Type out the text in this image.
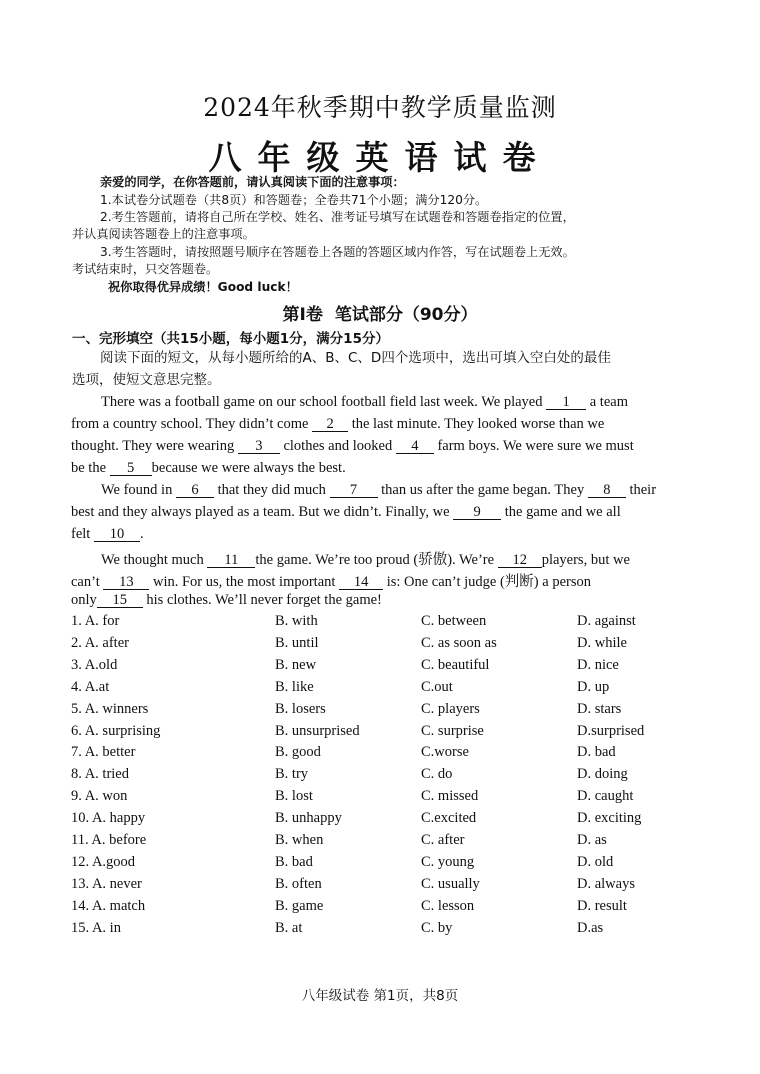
2024年秋季期中教学质量监测
八年级英语试卷
亲爱的同学，在你答题前，请认真阅读下面的注意事项：
1.本试卷分试题卷（共8页）和答题卷；全卷共71个小题；满分120分。
2.考生答题前，请将自己所在学校、姓名、准考证号填写在试题卷和答题卷指定的位置，
并认真阅读答题卷上的注意事项。
3.考生答题时，请按照题号顺序在答题卷上各题的答题区域内作答，写在试题卷上无效。
考试结束时，只交答题卷。
祝你取得优异成绩！Good luck！
第Ⅰ卷 笔试部分（90分）
一、完形填空（共15小题，每小题1分，满分15分）
阅读下面的短文，从每小题所给的A、B、C、D四个选项中，选出可填入空白处的最佳
选项，使短文意思完整。
There was a football game on our school football field last week. We played 1 a team
from a country school. They didn’t come 2 the last minute. They looked worse than we
thought. They were wearing 3 clothes and looked 4 farm boys. We were sure we must
be the 5 because we were always the best.
We found in 6 that they did much 7 than us after the game began. They 8 their
best and they always played as a team. But we didn’t. Finally, we 9 the game and we all
felt 10 .
We thought much 11 the game. We’re too proud (骄傲). We’re 12 players, but we
can’t 13 win. For us, the most important 14 is: One can’t judge (判断) a person
only 15 his clothes. We’ll never forget the game!
1. A. for	B. with	C. between	D. against
2. A. after	B. until	C. as soon as	D. while
3. A.old	B. new	C. beautiful	D. nice
4. A.at	B. like	C.out	D. up
5. A. winners	B. losers	C. players	D. stars
6. A. surprising	B. unsurprised	C. surprise	D.surprised
7. A. better	B. good	C.worse	D. bad
8. A. tried	B. try	C. do	D. doing
9. A. won	B. lost	C. missed	D. caught
10. A. happy	B. unhappy	C.excited	D. exciting
11. A. before	B. when	C. after	D. as
12. A.good	B. bad	C. young	D. old
13. A. never	B. often	C. usually	D. always
14. A. match	B. game	C. lesson	D. result
15. A. in	B. at	C. by	D.as
八年级试卷 第1页，共8页
